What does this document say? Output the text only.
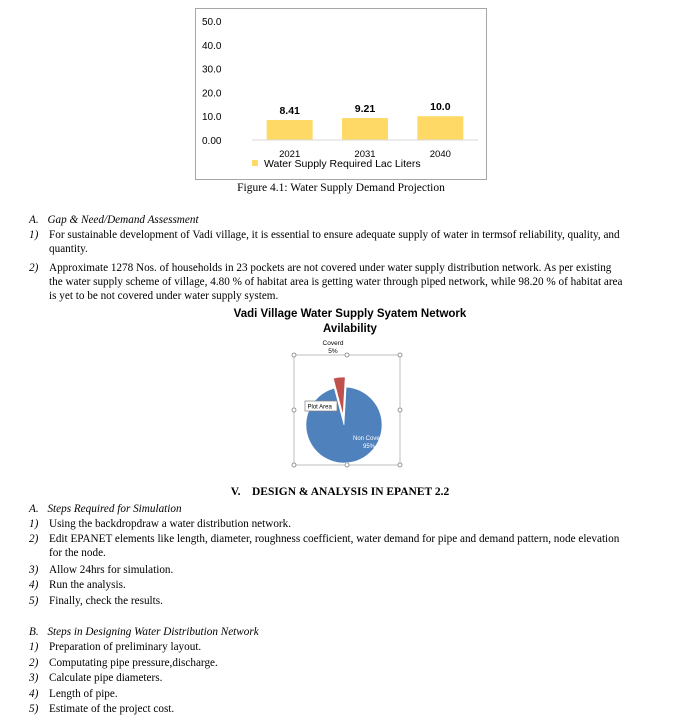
50.0
40.0
30.0
20.0
10.0
0.00
8.41
2021
9.21
2031
10.0
2040
Water Supply Required Lac Liters
Figure 4.1: Water Supply Demand Projection
A. Gap & Need/Demand Assessment
1) For sustainable development of Vadi village, it is essential to ensure adequate supply of water in termsof reliability, quality, and
quantity.
2) Approximate 1278 Nos. of households in 23 pockets are not covered under water supply distribution network. As per existing
the water supply scheme of village, 4.80 % of habitat area is getting water through piped network, while 98.20 % of habitat area
is yet to be not covered under water supply system.
Vadi Village Water Supply Syatem Network
Avilability
Coverd
5%
Non Coverd
95%
Plot Area
V.    DESIGN & ANALYSIS IN EPANET 2.2
A. Steps Required for Simulation
1) Using the backdropdraw a water distribution network.
2) Edit EPANET elements like length, diameter, roughness coefficient, water demand for pipe and demand pattern, node elevation
for the node.
3) Allow 24hrs for simulation.
4) Run the analysis.
5) Finally, check the results.
B. Steps in Designing Water Distribution Network
1) Preparation of preliminary layout.
2) Computating pipe pressure,discharge.
3) Calculate pipe diameters.
4) Length of pipe.
5) Estimate of the project cost.
